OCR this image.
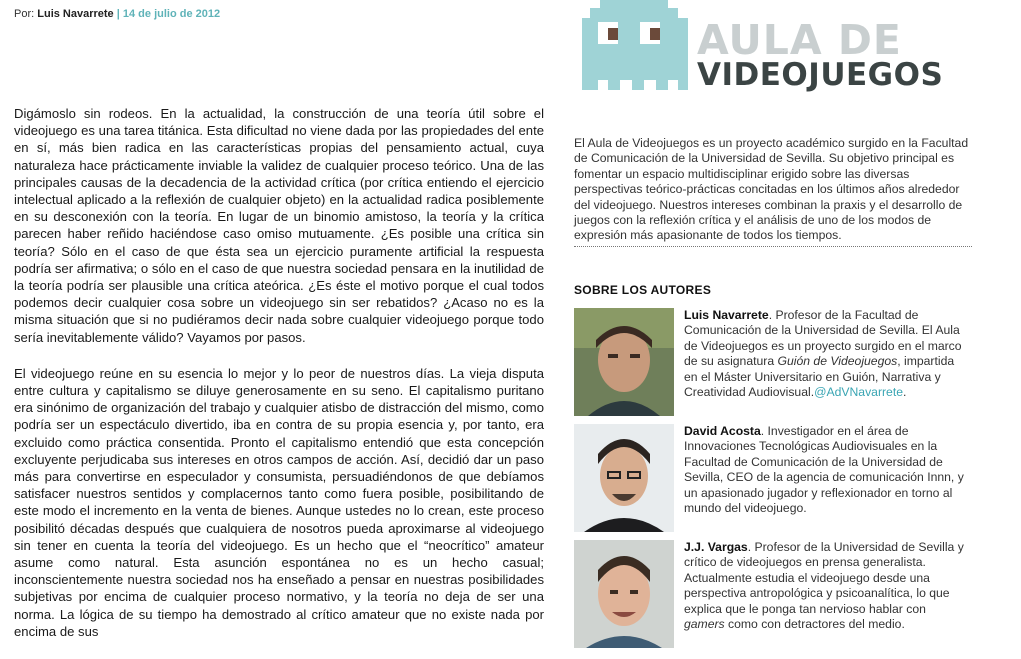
Por: Luis Navarrete | 14 de julio de 2012

Digámoslo sin rodeos. En la actualidad, la construcción de una teoría útil sobre el videojuego es una tarea titánica. Esta dificultad no viene dada por las propiedades del ente en sí, más bien radica en las características propias del pensamiento actual, cuya naturaleza hace prácticamente inviable la validez de cualquier proceso teórico. Una de las principales causas de la decadencia de la actividad crítica (por crítica entiendo el ejercicio intelectual aplicado a la reflexión de cualquier objeto) en la actualidad radica posiblemente en su desconexión con la teoría. En lugar de un binomio amistoso, la teoría y la crítica parecen haber reñido haciéndose caso omiso mutuamente. ¿Es posible una crítica sin teoría? Sólo en el caso de que ésta sea un ejercicio puramente artificial la respuesta podría ser afirmativa; o sólo en el caso de que nuestra sociedad pensara en la inutilidad de la teoría podría ser plausible una crítica ateórica. ¿Es éste el motivo porque el cual todos podemos decir cualquier cosa sobre un videojuego sin ser rebatidos? ¿Acaso no es la misma situación que si no pudiéramos decir nada sobre cualquier videojuego porque todo sería inevitablemente válido? Vayamos por pasos.

El videojuego reúne en su esencia lo mejor y lo peor de nuestros días. La vieja disputa entre cultura y capitalismo se diluye generosamente en su seno. El capitalismo puritano era sinónimo de organización del trabajo y cualquier atisbo de distracción del mismo, como podría ser un espectáculo divertido, iba en contra de su propia esencia y, por tanto, era excluido como práctica consentida. Pronto el capitalismo entendió que esta concepción excluyente perjudicaba sus intereses en otros campos de acción. Así, decidió dar un paso más para convertirse en especulador y consumista, persuadiéndonos de que debíamos satisfacer nuestros sentidos y complacernos tanto como fuera posible, posibilitando de este modo el incremento en la venta de bienes. Aunque ustedes no lo crean, este proceso posibilitó décadas después que cualquiera de nosotros pueda aproximarse al videojuego sin tener en cuenta la teoría del videojuego. Es un hecho que el “neocrítico” amateur asume como natural. Esta asunción espontánea no es un hecho casual; inconscientemente nuestra sociedad nos ha enseñado a pensar en nuestras posibilidades subjetivas por encima de cualquier proceso normativo, y la teoría no deja de ser una norma. La lógica de su tiempo ha demostrado al crítico amateur que no existe nada por encima de sus

AULA DE
VIDEOJUEGOS
El Aula de Videojuegos es un proyecto académico surgido en la Facultad de Comunicación de la Universidad de Sevilla. Su objetivo principal es fomentar un espacio multidisciplinar erigido sobre las diversas perspectivas teórico-prácticas concitadas en los últimos años alrededor del videojuego. Nuestros intereses combinan la praxis y el desarrollo de juegos con la reflexión crítica y el análisis de uno de los modos de expresión más apasionante de todos los tiempos.
SOBRE LOS AUTORES
Luis Navarrete. Profesor de la Facultad de Comunicación de la Universidad de Sevilla. El Aula de Videojuegos es un proyecto surgido en el marco de su asignatura Guión de Videojuegos, impartida en el Máster Universitario en Guión, Narrativa y Creatividad Audiovisual.@AdVNavarrete.
David Acosta. Investigador en el área de Innovaciones Tecnológicas Audiovisuales en la Facultad de Comunicación de la Universidad de Sevilla, CEO de la agencia de comunicación Innn, y un apasionado jugador y reflexionador en torno al mundo del videojuego.
J.J. Vargas. Profesor de la Universidad de Sevilla y crítico de videojuegos en prensa generalista. Actualmente estudia el videojuego desde una perspectiva antropológica y psicoanalítica, lo que explica que le ponga tan nervioso hablar con gamers como con detractores del medio.
